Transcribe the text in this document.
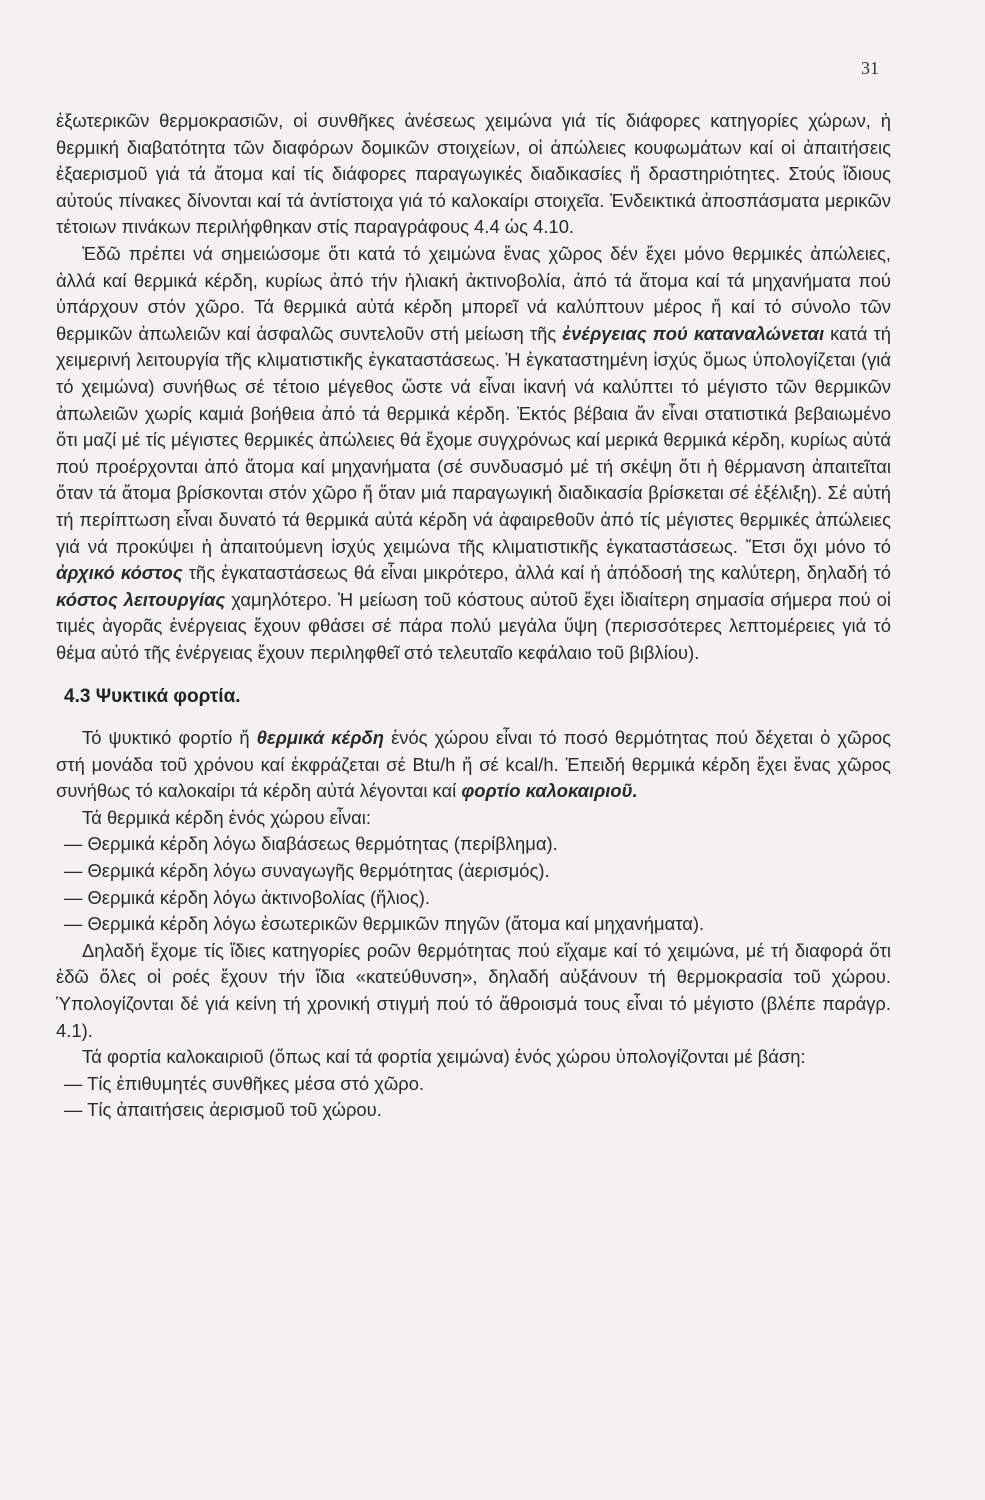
31

ἐξωτερικῶν θερμοκρασιῶν, οἱ συνθῆκες ἀνέσεως χειμώνα γιά τίς διάφορες κατηγορίες χώρων, ἡ θερμική διαβατότητα τῶν διαφόρων δομικῶν στοιχείων, οἱ ἀπώλειες κουφωμάτων καί οἱ ἀπαιτήσεις ἐξαερισμοῦ γιά τά ἄτομα καί τίς διάφορες παραγωγικές διαδικασίες ἤ δραστηριότητες. Στούς ἴδιους αὐτούς πίνακες δίνονται καί τά ἀντίστοιχα γιά τό καλοκαίρι στοιχεῖα. Ἐνδεικτικά ἀποσπάσματα μερικῶν τέτοιων πινάκων περιλήφθηκαν στίς παραγράφους 4.4 ὡς 4.10.

Ἐδῶ πρέπει νά σημειώσομε ὅτι κατά τό χειμώνα ἕνας χῶρος δέν ἔχει μόνο θερμικές ἀπώλειες, ἀλλά καί θερμικά κέρδη, κυρίως ἀπό τήν ἡλιακή ἀκτινοβολία, ἀπό τά ἄτομα καί τά μηχανήματα πού ὑπάρχουν στόν χῶρο. Τά θερμικά αὐτά κέρδη μπορεῖ νά καλύπτουν μέρος ἤ καί τό σύνολο τῶν θερμικῶν ἀπωλειῶν καί ἀσφαλῶς συντελοῦν στή μείωση τῆς ἐνέργειας πού καταναλώνεται κατά τή χειμερινή λειτουργία τῆς κλιματιστικῆς ἐγκαταστάσεως. Ἡ ἐγκαταστημένη ἰσχύς ὅμως ὑπολογίζεται (γιά τό χειμώνα) συνήθως σέ τέτοιο μέγεθος ὥστε νά εἶναι ἱκανή νά καλύπτει τό μέγιστο τῶν θερμικῶν ἀπωλειῶν χωρίς καμιά βοήθεια ἀπό τά θερμικά κέρδη. Ἐκτός βέβαια ἄν εἶναι στατιστικά βεβαιωμένο ὅτι μαζί μέ τίς μέγιστες θερμικές ἀπώλειες θά ἔχομε συγχρόνως καί μερικά θερμικά κέρδη, κυρίως αὐτά πού προέρχονται ἀπό ἄτομα καί μηχανήματα (σέ συνδυασμό μέ τή σκέψη ὅτι ἡ θέρμανση ἀπαιτεῖται ὅταν τά ἄτομα βρίσκονται στόν χῶρο ἤ ὅταν μιά παραγωγική διαδικασία βρίσκεται σέ ἐξέλιξη). Σέ αὐτή τή περίπτωση εἶναι δυνατό τά θερμικά αὐτά κέρδη νά ἀφαιρεθοῦν ἀπό τίς μέγιστες θερμικές ἀπώλειες γιά νά προκύψει ἡ ἀπαιτούμενη ἰσχύς χειμώνα τῆς κλιματιστικῆς ἐγκαταστάσεως. Ἔτσι ὄχι μόνο τό ἀρχικό κόστος τῆς ἐγκαταστάσεως θά εἶναι μικρότερο, ἀλλά καί ἡ ἀπόδοσή της καλύτερη, δηλαδή τό κόστος λειτουργίας χαμηλότερο. Ἡ μείωση τοῦ κόστους αὐτοῦ ἔχει ἰδιαίτερη σημασία σήμερα πού οἱ τιμές ἀγορᾶς ἐνέργειας ἔχουν φθάσει σέ πάρα πολύ μεγάλα ὕψη (περισσότερες λεπτομέρειες γιά τό θέμα αὐτό τῆς ἐνέργειας ἔχουν περιληφθεῖ στό τελευταῖο κεφάλαιο τοῦ βιβλίου).

4.3 Ψυκτικά φορτία.

Τό ψυκτικό φορτίο ἤ θερμικά κέρδη ἑνός χώρου εἶναι τό ποσό θερμότητας πού δέχεται ὁ χῶρος στή μονάδα τοῦ χρόνου καί ἐκφράζεται σέ Btu/h ἤ σέ kcal/h. Ἐπειδή θερμικά κέρδη ἔχει ἕνας χῶρος συνήθως τό καλοκαίρι τά κέρδη αὐτά λέγονται καί φορτίο καλοκαιριοῦ.

Τά θερμικά κέρδη ἑνός χώρου εἶναι:

— Θερμικά κέρδη λόγω διαβάσεως θερμότητας (περίβλημα).

— Θερμικά κέρδη λόγω συναγωγῆς θερμότητας (ἀερισμός).

— Θερμικά κέρδη λόγω ἀκτινοβολίας (ἥλιος).

— Θερμικά κέρδη λόγω ἐσωτερικῶν θερμικῶν πηγῶν (ἄτομα καί μηχανήματα).

Δηλαδή ἔχομε τίς ἴδιες κατηγορίες ροῶν θερμότητας πού εἴχαμε καί τό χειμώνα, μέ τή διαφορά ὅτι ἐδῶ ὅλες οἱ ροές ἔχουν τήν ἴδια «κατεύθυνση», δηλαδή αὐξάνουν τή θερμοκρασία τοῦ χώρου. Ὑπολογίζονται δέ γιά κείνη τή χρονική στιγμή πού τό ἄθροισμά τους εἶναι τό μέγιστο (βλέπε παράγρ. 4.1).

Τά φορτία καλοκαιριοῦ (ὅπως καί τά φορτία χειμώνα) ἑνός χώρου ὑπολογίζονται μέ βάση:

— Τίς ἐπιθυμητές συνθῆκες μέσα στό χῶρο.

— Τίς ἀπαιτήσεις ἀερισμοῦ τοῦ χώρου.
